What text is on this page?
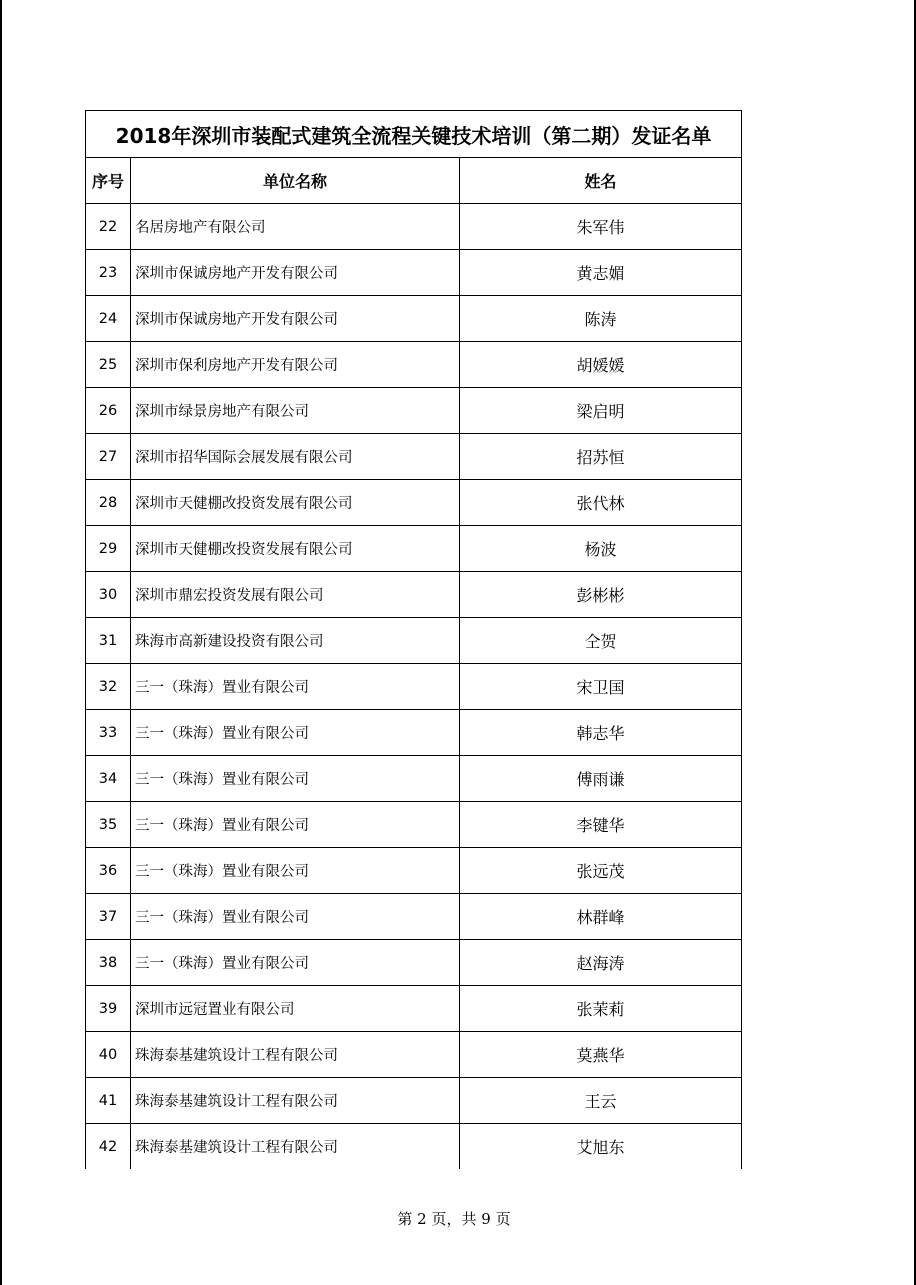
2018年深圳市装配式建筑全流程关键技术培训（第二期）发证名单		
序号	单位名称	姓名
22	名居房地产有限公司	朱军伟
23	深圳市保诚房地产开发有限公司	黄志媚
24	深圳市保诚房地产开发有限公司	陈涛
25	深圳市保利房地产开发有限公司	胡媛媛
26	深圳市绿景房地产有限公司	梁启明
27	深圳市招华国际会展发展有限公司	招苏恒
28	深圳市天健棚改投资发展有限公司	张代林
29	深圳市天健棚改投资发展有限公司	杨波
30	深圳市鼎宏投资发展有限公司	彭彬彬
31	珠海市高新建设投资有限公司	仝贺
32	三一（珠海）置业有限公司	宋卫国
33	三一（珠海）置业有限公司	韩志华
34	三一（珠海）置业有限公司	傅雨谦
35	三一（珠海）置业有限公司	李键华
36	三一（珠海）置业有限公司	张远茂
37	三一（珠海）置业有限公司	林群峰
38	三一（珠海）置业有限公司	赵海涛
39	深圳市远冠置业有限公司	张茉莉
40	珠海泰基建筑设计工程有限公司	莫燕华
41	珠海泰基建筑设计工程有限公司	王云
42	珠海泰基建筑设计工程有限公司	艾旭东
第 2 页，共 9 页
